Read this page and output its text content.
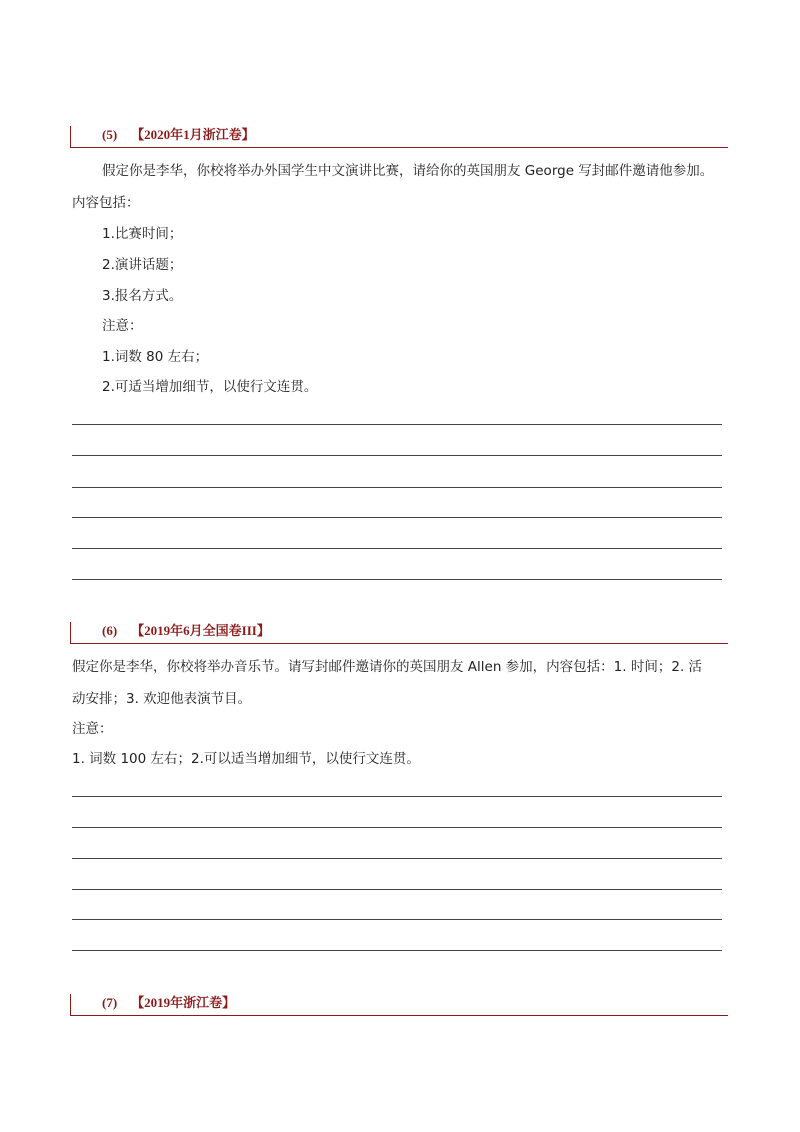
(5) 【2020年1月浙江卷】
假定你是李华，你校将举办外国学生中文演讲比赛，请给你的英国朋友 George 写封邮件邀请他参加。
内容包括：
1.比赛时间；
2.演讲话题；
3.报名方式。
注意：
1.词数 80 左右；
2.可适当增加细节，以使行文连贯。
(6) 【2019年6月全国卷III】
假定你是李华，你校将举办音乐节。请写封邮件邀请你的英国朋友 Allen 参加，内容包括：1. 时间；2. 活
动安排；3. 欢迎他表演节目。
注意：
1. 词数 100 左右；2.可以适当增加细节，以使行文连贯。
(7) 【2019年浙江卷】
